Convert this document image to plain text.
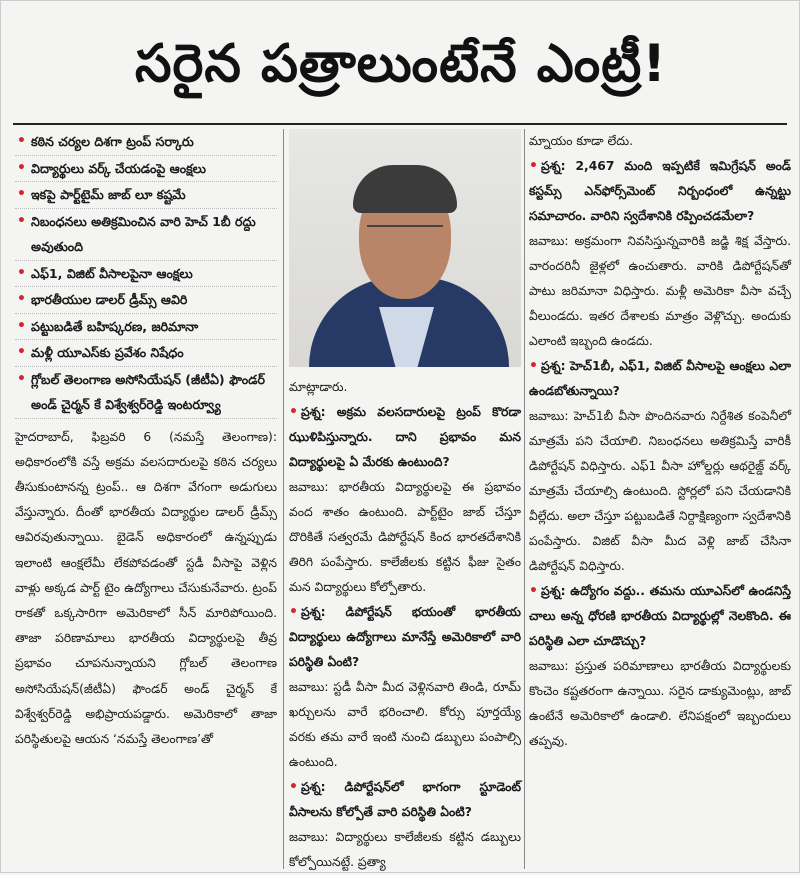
సరైన పత్రాలుంటేనే ఎంట్రీ!
• కఠిన చర్యల దిశగా ట్రంప్ సర్కారు
• విద్యార్థులు వర్క్ చేయడంపై ఆంక్షలు
• ఇకపై పార్ట్‌టైమ్ జాబ్ లూ కష్టమే
• నిబంధనలు అతిక్రమించిన వారి హెచ్ 1బీ రద్దు అవుతుంది
• ఎఫ్1, విజిట్ వీసాలపైనా ఆంక్షలు
• భారతీయుల డాలర్ డ్రీమ్స్ ఆవిరి
• పట్టుబడితే బహిష్కరణ, జరిమానా
• మళ్లీ యూఎస్‌కు ప్రవేశం నిషేధం
• గ్లోబల్ తెలంగాణ అసోసియేషన్ (జీటీఏ) ఫౌండర్ అండ్ చైర్మన్ కే విశ్వేశ్వర్‌రెడ్డి ఇంటర్వ్యూ

హైదరాబాద్, ఫిబ్రవరి 6 (నమస్తే తెలంగాణ): అధికారంలోకి వస్తే అక్రమ వలసదారులపై కఠిన చర్యలు తీసుకుంటానన్న ట్రంప్.. ఆ దిశగా వేగంగా అడుగులు వేస్తున్నారు. దీంతో భారతీయ విద్యార్థుల డాలర్ డ్రీమ్స్ ఆవిరవుతున్నాయి. బైడెన్ అధికారంలో ఉన్నప్పుడు ఇలాంటి ఆంక్షలేమీ లేకపోవడంతో స్టడీ వీసాపై వెళ్లిన వాళ్లు అక్కడ పార్ట్ టైం ఉద్యోగాలు చేసుకునేవారు. ట్రంప్ రాకతో ఒక్కసారిగా అమెరికాలో సీన్ మారిపోయింది. తాజా పరిణామాలు భారతీయ విద్యార్థులపై తీవ్ర ప్రభావం చూపనున్నాయని గ్లోబల్ తెలంగాణ అసోసియేషన్(జీటీఏ) ఫౌండర్ అండ్ చైర్మన్ కే విశ్వేశ్వర్‌రెడ్డి అభిప్రాయపడ్డారు. అమెరికాలో తాజా పరిస్థితులపై ఆయన ‘నమస్తే తెలంగాణ’తో

మాట్లాడారు.

• ప్రశ్న: అక్రమ వలసదారులపై ట్రంప్ కొరడా ఝుళిపిస్తున్నారు. దాని ప్రభావం మన విద్యార్థులపై ఏ మేరకు ఉంటుంది?

జవాబు: భారతీయ విద్యార్థులపై ఈ ప్రభావం వంద శాతం ఉంటుంది. పార్ట్‌టైం జాబ్ చేస్తూ దొరికితే సత్వరమే డిపోర్టేషన్ కింద భారతదేశానికి తిరిగి పంపేస్తారు. కాలేజీలకు కట్టిన ఫీజు సైతం మన విద్యార్థులు కోల్పోతారు.

• ప్రశ్న: డిపోర్టేషన్ భయంతో భారతీయ విద్యార్థులు ఉద్యోగాలు మానేస్తే అమెరికాలో వారి పరిస్థితి ఏంటి?

జవాబు: స్టడీ వీసా మీద వెళ్లినవారి తిండి, రూమ్ ఖర్చులను వారే భరించాలి. కోర్సు పూర్తయ్యే వరకు తమ వారే ఇంటి నుంచి డబ్బులు పంపాల్సి ఉంటుంది.

• ప్రశ్న: డిపోర్టేషన్‌లో భాగంగా స్టూడెంట్ వీసాలను కోల్పోతే వారి పరిస్థితి ఏంటి?

జవాబు: విద్యార్థులు కాలేజీలకు కట్టిన డబ్బులు కోల్పోయినట్టే. ప్రత్యా

మ్నాయం కూడా లేదు.

• ప్రశ్న: 2,467 మంది ఇప్పటికే ఇమిగ్రేషన్ అండ్ కస్టమ్స్ ఎన్‌ఫోర్స్‌మెంట్ నిర్బంధంలో ఉన్నట్టు సమాచారం. వారిని స్వదేశానికి రప్పించడమేలా?

జవాబు: అక్రమంగా నివసిస్తున్నవారికి జడ్జి శిక్ష వేస్తారు. వారందరినీ జైళ్లలో ఉంచుతారు. వారికి డిపోర్టేషన్‌తో పాటు జరిమానా విధిస్తారు. మళ్లీ అమెరికా వీసా వచ్చే వీలుండదు. ఇతర దేశాలకు మాత్రం వెళ్లొచ్చు. అందుకు ఎలాంటి ఇబ్బంది ఉండదు.

• ప్రశ్న: హెచ్1బీ, ఎఫ్1, విజిట్ వీసాలపై ఆంక్షలు ఎలా ఉండబోతున్నాయి?

జవాబు: హెచ్1బీ వీసా పొందినవారు నిర్దేశిత కంపెనీలో మాత్రమే పని చేయాలి. నిబంధనలు అతిక్రమిస్తే వారికీ డిపోర్టేషన్ విధిస్తారు. ఎఫ్1 వీసా హోల్డర్లు ఆథరైజ్డ్ వర్క్ మాత్రమే చేయాల్సి ఉంటుంది. స్టోర్లలో పని చేయడానికి వీల్లేదు. అలా చేస్తూ పట్టుబడితే నిర్దాక్షిణ్యంగా స్వదేశానికి పంపేస్తారు. విజిట్ వీసా మీద వెళ్లి జాబ్ చేసినా డిపోర్టేషన్ విధిస్తారు.

• ప్రశ్న: ఉద్యోగం వద్దు.. తమను యూఎస్‌లో ఉండనిస్తే చాలు అన్న ధోరణి భారతీయ విద్యార్థుల్లో నెలకొంది. ఈ పరిస్థితి ఎలా చూడొచ్చు?

జవాబు: ప్రస్తుత పరిమాణాలు భారతీయ విద్యార్థులకు కొంచెం కష్టతరంగా ఉన్నాయి. సరైన డాక్యుమెంట్లు, జాబ్ ఉంటేనే అమెరికాలో ఉండాలి. లేనిపక్షంలో ఇబ్బందులు తప్పవు.
